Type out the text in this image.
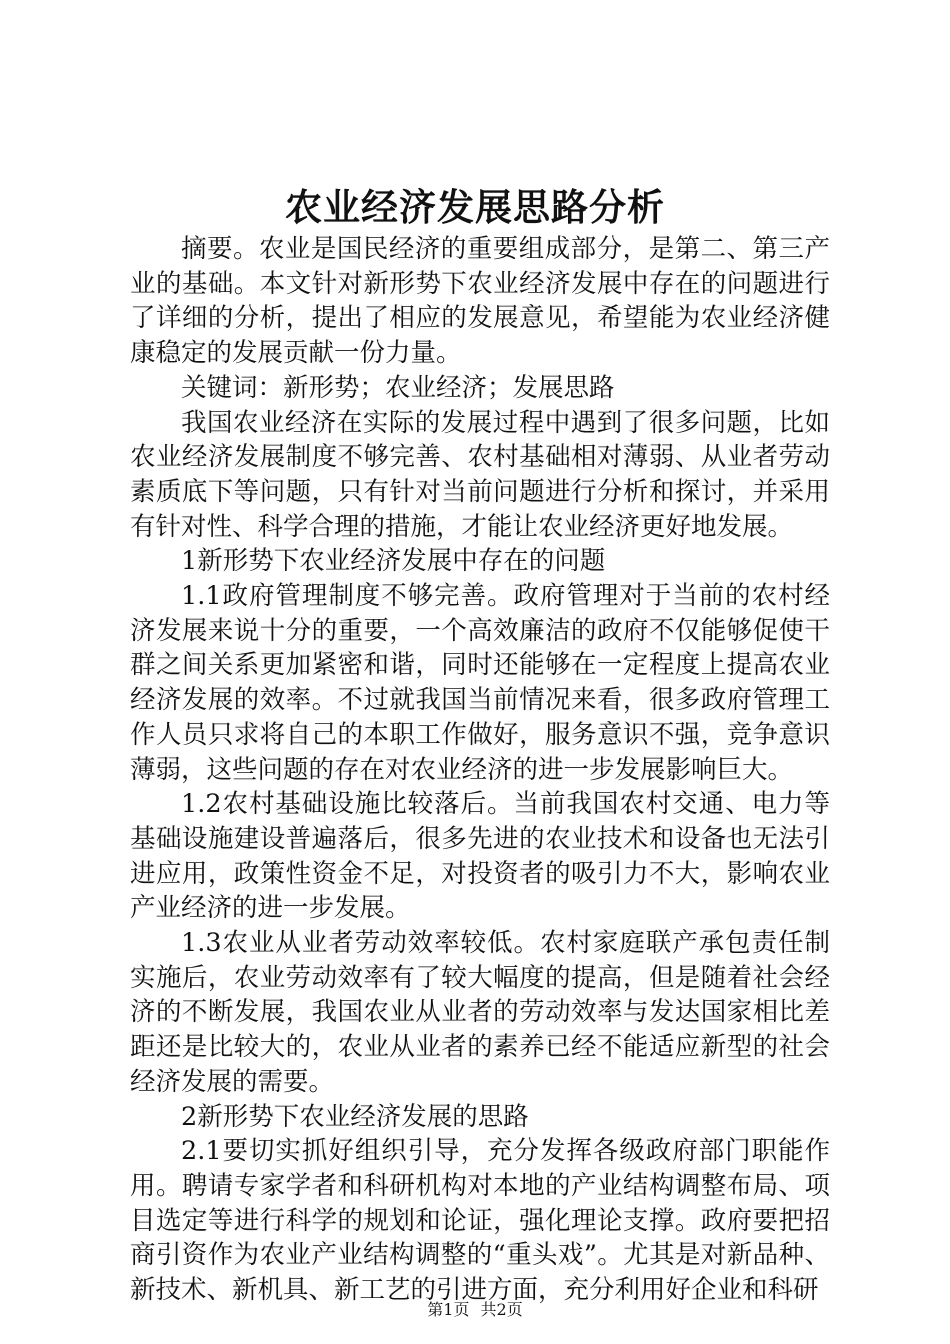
农业经济发展思路分析

摘要。农业是国民经济的重要组成部分，是第二、第三产业的基础。本文针对新形势下农业经济发展中存在的问题进行了详细的分析，提出了相应的发展意见，希望能为农业经济健康稳定的发展贡献一份力量。

关键词：新形势；农业经济；发展思路

我国农业经济在实际的发展过程中遇到了很多问题，比如农业经济发展制度不够完善、农村基础相对薄弱、从业者劳动素质底下等问题，只有针对当前问题进行分析和探讨，并采用有针对性、科学合理的措施，才能让农业经济更好地发展。

1新形势下农业经济发展中存在的问题

1.1政府管理制度不够完善。政府管理对于当前的农村经济发展来说十分的重要，一个高效廉洁的政府不仅能够促使干群之间关系更加紧密和谐，同时还能够在一定程度上提高农业经济发展的效率。不过就我国当前情况来看，很多政府管理工作人员只求将自己的本职工作做好，服务意识不强，竞争意识薄弱，这些问题的存在对农业经济的进一步发展影响巨大。

1.2农村基础设施比较落后。当前我国农村交通、电力等基础设施建设普遍落后，很多先进的农业技术和设备也无法引进应用，政策性资金不足，对投资者的吸引力不大，影响农业产业经济的进一步发展。

1.3农业从业者劳动效率较低。农村家庭联产承包责任制实施后，农业劳动效率有了较大幅度的提高，但是随着社会经济的不断发展，我国农业从业者的劳动效率与发达国家相比差距还是比较大的，农业从业者的素养已经不能适应新型的社会经济发展的需要。

2新形势下农业经济发展的思路

2.1要切实抓好组织引导，充分发挥各级政府部门职能作用。聘请专家学者和科研机构对本地的产业结构调整布局、项目选定等进行科学的规划和论证，强化理论支撑。政府要把招商引资作为农业产业结构调整的“重头戏”。尤其是对新品种、新技术、新机具、新工艺的引进方面，充分利用好企业和科研

第1页 共2页
